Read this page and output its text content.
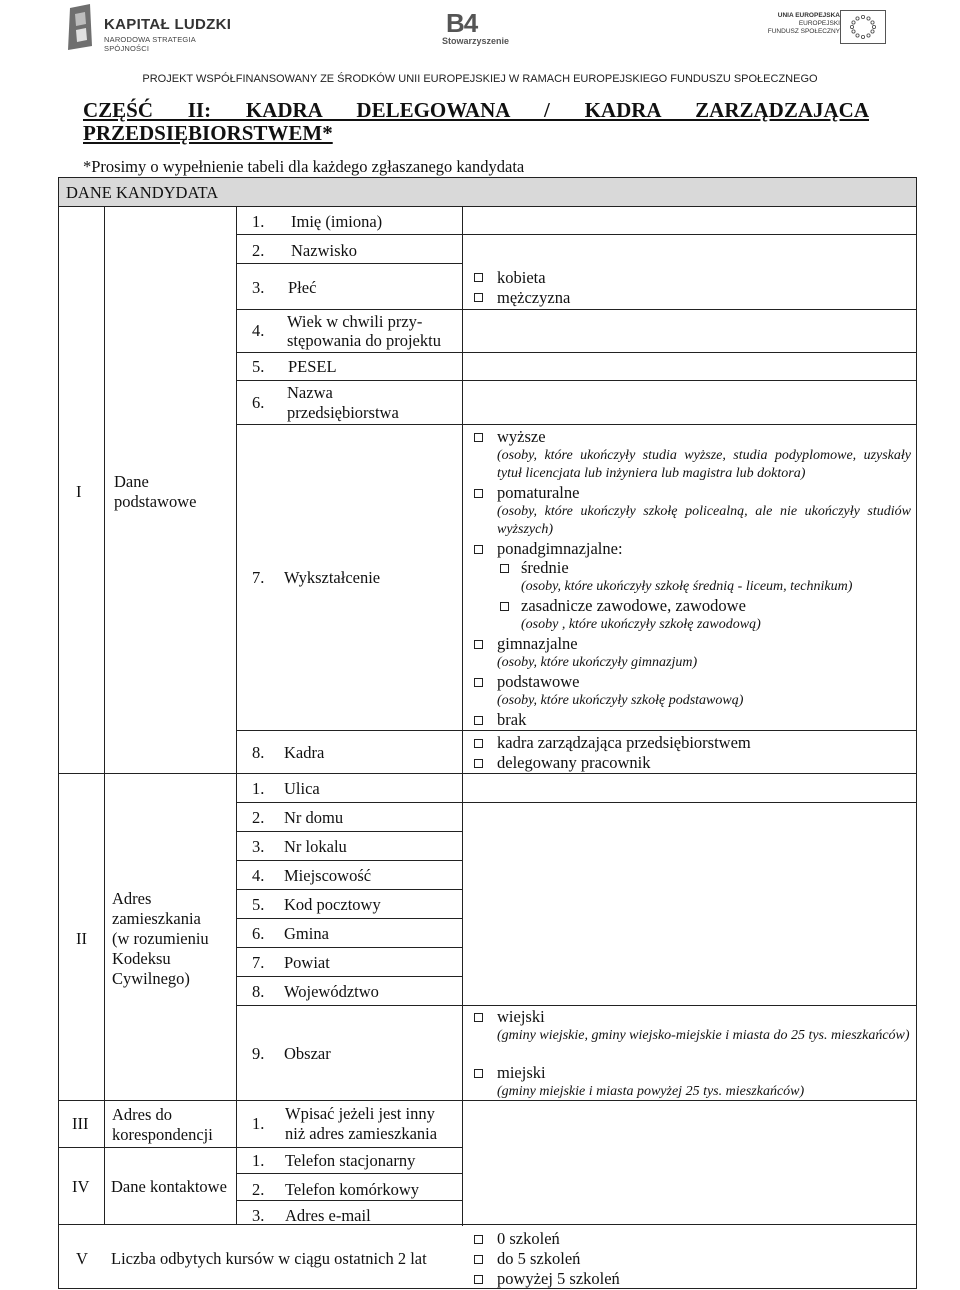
KAPITAŁ LUDZKI
NARODOWA STRATEGIA SPÓJNOŚCI
B4
Stowarzyszenie
UNIA EUROPEJSKA
EUROPEJSKI
FUNDUSZ SPOŁECZNY
PROJEKT WSPÓŁFINANSOWANY ZE ŚRODKÓW UNII EUROPEJSKIEJ W RAMACH EUROPEJSKIEGO FUNDUSZU SPOŁECZNEGO
CZĘŚĆ II: KADRA DELEGOWANA / KADRA ZARZĄDZAJĄCA
PRZEDSIĘBIORSTWEM*
*Prosimy o wypełnienie tabeli dla każdego zgłaszanego kandydata
DANE KANDYDATA
I
Dane
podstawowe
1. Imię (imiona)
2. Nazwisko
3. Płeć
4. Wiek w chwili przy-
stępowania do projektu
5. PESEL
6.
Nazwa
przedsiębiorstwa
7. Wykształcenie
8. Kadra
kobieta
mężczyzna
wyższe
(osoby, które ukończyły studia wyższe, studia podyplomowe, uzyskały tytuł licencjata lub inżyniera lub magistra lub doktora)
pomaturalne
(osoby, które ukończyły szkołę policealną, ale nie ukończyły studiów wyższych)
ponadgimnazjalne:
średnie
(osoby, które ukończyły szkołę średnią - liceum, technikum)
zasadnicze zawodowe, zawodowe
(osoby , które ukończyły szkołę zawodową)
gimnazjalne
(osoby, które ukończyły gimnazjum)
podstawowe
(osoby, które ukończyły szkołę podstawową)
brak
kadra zarządzająca przedsiębiorstwem
delegowany pracownik
II
Adres
zamieszkania
(w rozumieniu
Kodeksu
Cywilnego)
1. Ulica
2. Nr domu
3. Nr lokalu
4. Miejscowość
5. Kod pocztowy
6. Gmina
7. Powiat
8. Województwo
9. Obszar
wiejski
(gminy wiejskie, gminy wiejsko-miejskie i miasta do 25 tys. mieszkańców)
miejski
(gminy miejskie i miasta powyżej 25 tys. mieszkańców)
III Adres do
korespondencji
1.
Wpisać jeżeli jest inny
niż adres zamieszkania
IV Dane kontaktowe
1. Telefon stacjonarny
2. Telefon komórkowy
3. Adres e-mail
V Liczba odbytych kursów w ciągu ostatnich 2 lat
0 szkoleń
do 5 szkoleń
powyżej 5 szkoleń
